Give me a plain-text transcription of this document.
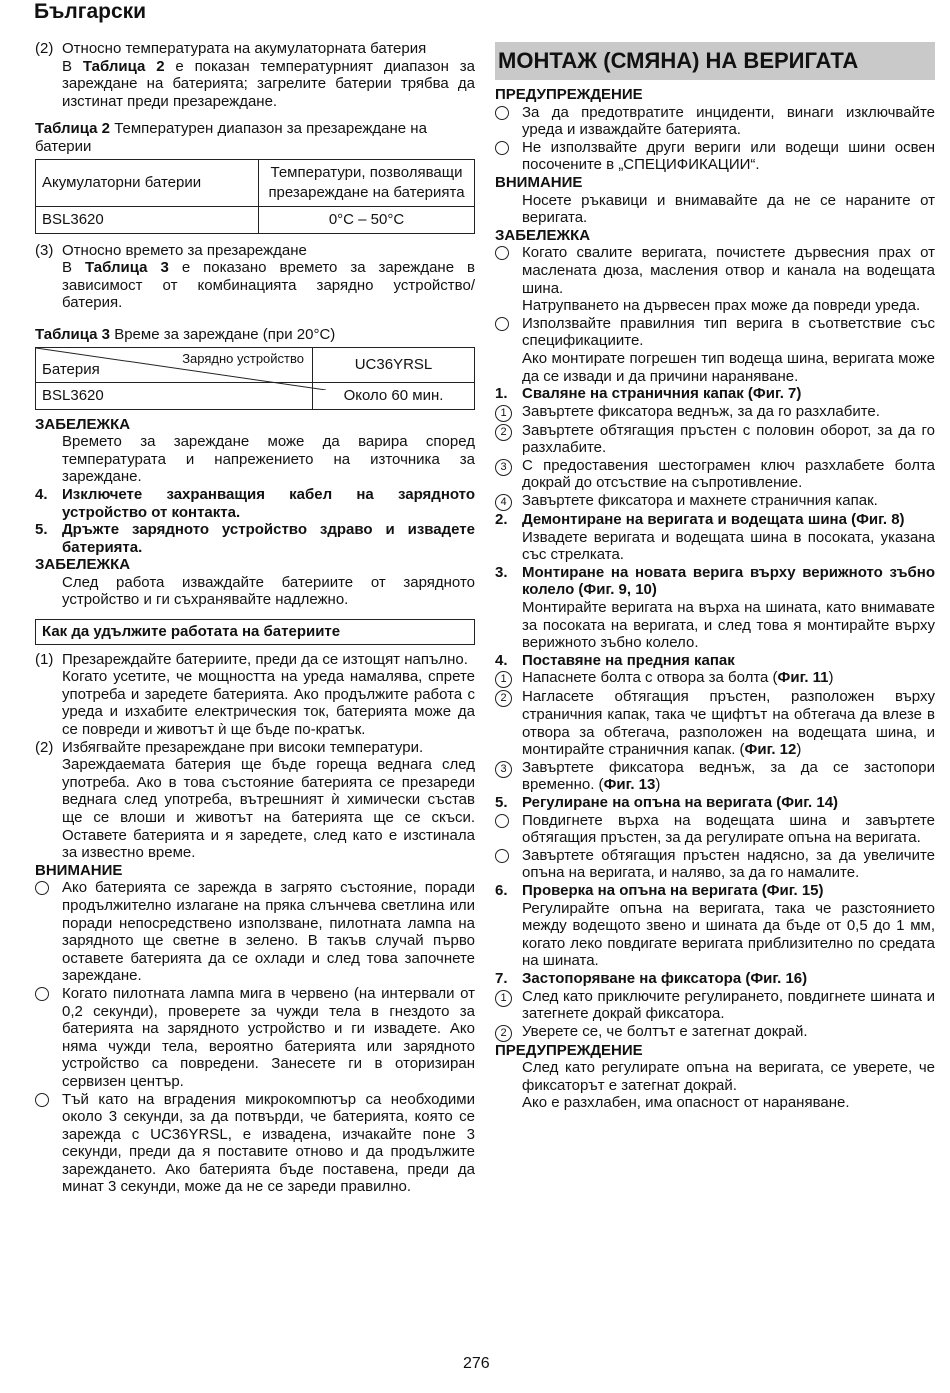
Български
(2) Относно температурата на акумулаторната батерия
В Таблица 2 е показан температурният диапазон за зареждане на батерията; загрелите батерии трябва да изстинат преди презареждане.
Таблица 2 Температурен диапазон за презареждане на батерии
Акумулаторни батерии	Температури, позволяващи презареждане на батерията
BSL3620	0°C – 50°C
(3) Относно времето за презареждане
В Таблица 3 е показано времето за зареждане в зависимост от комбинацията зарядно устройство/ батерия.
Таблица 3 Време за зареждане (при 20°C)
Зарядно устройство
Батерия	UC36YRSL
BSL3620	Около 60 мин.
ЗАБЕЛЕЖКА
Времето за зареждане може да варира според температурата и напрежението на източника за зареждане.
4. Изключете захранващия кабел на зарядното устройство от контакта.
5. Дръжте зарядното устройство здраво и извадете батерията.
ЗАБЕЛЕЖКА
След работа изваждайте батериите от зарядното устройство и ги съхранявайте надлежно.
Как да удължите работата на батериите
(1) Презареждайте батериите, преди да се изтощят напълно.
Когато усетите, че мощността на уреда намалява, спрете употреба и заредете батерията. Ако продължите работа с уреда и изхабите електрическия ток, батерията може да се повреди и животът ѝ ще бъде по-кратък.
(2) Избягвайте презареждане при високи температури.
Зареждаемата батерия ще бъде гореща веднага след употреба. Ако в това състояние батерията се презареди веднага след употреба, вътрешният ѝ химически състав ще се влоши и животът на батерията ще се скъси. Оставете батерията и я заредете, след като е изстинала за известно време.
ВНИМАНИЕ
Ако батерията се зарежда в загрято състояние, поради продължително излагане на пряка слънчева светлина или поради непосредствено използване, пилотната лампа на зарядното ще светне в зелено. В такъв случай първо оставете батерията да се охлади и след това започнете зареждане.
Когато пилотната лампа мига в червено (на интервали от 0,2 секунди), проверете за чужди тела в гнездото за батерията на зарядното устройство и ги извадете. Ако няма чужди тела, вероятно батерията или зарядното устройство са повредени. Занесете ги в оторизиран сервизен център.
Тъй като на вградения микрокомпютър са необходими около 3 секунди, за да потвърди, че батерията, която се зарежда с UC36YRSL, е извадена, изчакайте поне 3 секунди, преди да я поставите отново и да продължите зареждането. Ако батерията бъде поставена, преди да минат 3 секунди, може да не се зареди правилно.
МОНТАЖ (СМЯНА) НА ВЕРИГАТА
ПРЕДУПРЕЖДЕНИЕ
За да предотвратите инциденти, винаги изключвайте уреда и изваждайте батерията.
Не използвайте други вериги или водещи шини освен посочените в „СПЕЦИФИКАЦИИ“.
ВНИМАНИЕ
Носете ръкавици и внимавайте да не се нараните от веригата.
ЗАБЕЛЕЖКА
Когато свалите веригата, почистете дървесния прах от маслената дюза, масления отвор и канала на водещата шина.
Натрупването на дървесен прах може да повреди уреда.
Използвайте правилния тип верига в съответствие със спецификациите.
Ако монтирате погрешен тип водеща шина, веригата може да се извади и да причини нараняване.
1. Сваляне на страничния капак (Фиг. 7)
1	Завъртете фиксатора веднъж, за да го разхлабите.
2	Завъртете обтягащия пръстен с половин оборот, за да го разхлабите.
3	С предоставения шестограмен ключ разхлабете болта докрай до отсъствие на съпротивление.
4	Завъртете фиксатора и махнете страничния капак.
2. Демонтиране на веригата и водещата шина (Фиг. 8)
Извадете веригата и водещата шина в посоката, указана със стрелката.
3. Монтиране на новата верига върху верижното зъбно колело (Фиг. 9, 10)
Монтирайте веригата на върха на шината, като внимавате за посоката на веригата, и след това я монтирайте върху верижното зъбно колело.
4. Поставяне на предния капак
1	Напаснете болта с отвора за болта (Фиг. 11)
2	Нагласете обтягащия пръстен, разположен върху страничния капак, така че щифтът на обтегача да влезе в отвора за обтегача, разположен на водещата шина, и монтирайте страничния капак. (Фиг. 12)
3	Завъртете фиксатора веднъж, за да се застопори временно. (Фиг. 13)
5. Регулиране на опъна на веригата (Фиг. 14)
Повдигнете върха на водещата шина и завъртете обтягащия пръстен, за да регулирате опъна на веригата.
Завъртете обтягащия пръстен надясно, за да увеличите опъна на веригата, и наляво, за да го намалите.
6. Проверка на опъна на веригата (Фиг. 15)
Регулирайте опъна на веригата, така че разстоянието между водещото звено и шината да бъде от 0,5 до 1 мм, когато леко повдигате веригата приблизително по средата на шината.
7. Застопоряване на фиксатора (Фиг. 16)
1	След като приключите регулирането, повдигнете шината и затегнете докрай фиксатора.
2	Уверете се, че болтът е затегнат докрай.
ПРЕДУПРЕЖДЕНИЕ
След като регулирате опъна на веригата, се уверете, че фиксаторът е затегнат докрай.
Ако е разхлабен, има опасност от нараняване.
276
